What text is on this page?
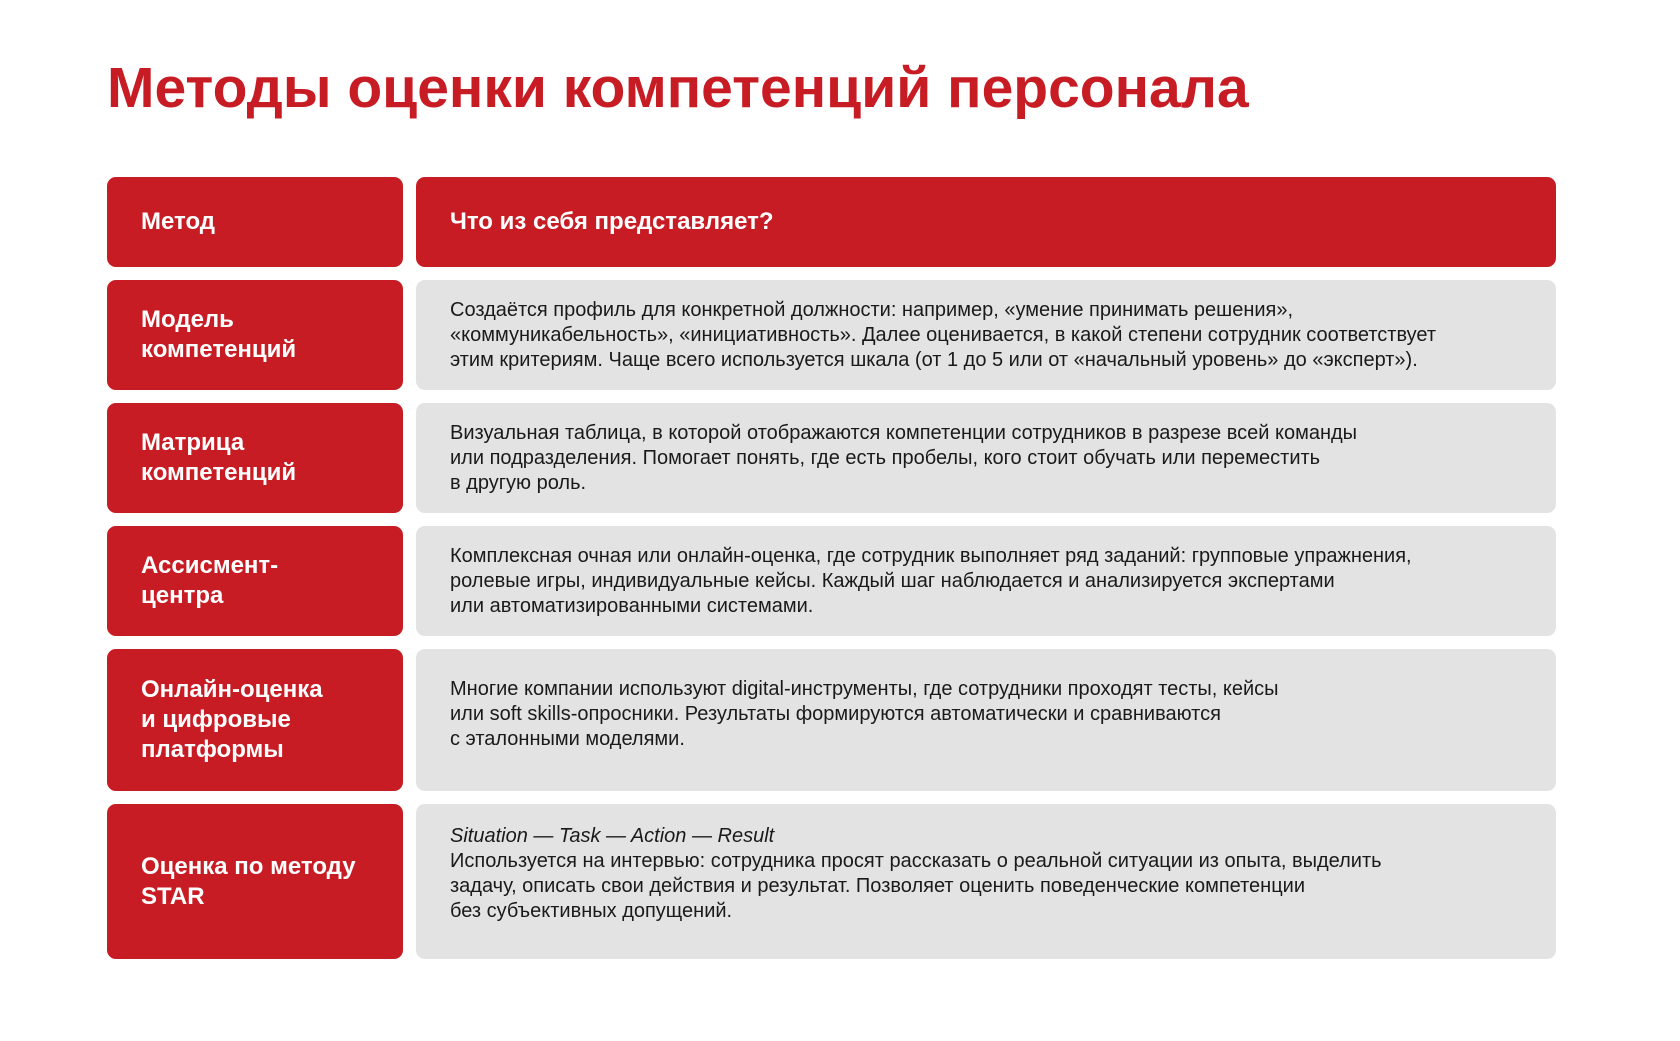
Методы оценки компетенций персонала
Метод	Что из себя представляет?
Модель
компетенций
Создаётся профиль для конкретной должности: например, «умение принимать решения»,
«коммуникабельность», «инициативность». Далее оценивается, в какой степени сотрудник соответствует
этим критериям. Чаще всего используется шкала (от 1 до 5 или от «начальный уровень» до «эксперт»).
Матрица
компетенций
Визуальная таблица, в которой отображаются компетенции сотрудников в разрезе всей команды
или подразделения. Помогает понять, где есть пробелы, кого стоит обучать или переместить
в другую роль.
Ассисмент-
центра
Комплексная очная или онлайн-оценка, где сотрудник выполняет ряд заданий: групповые упражнения,
ролевые игры, индивидуальные кейсы. Каждый шаг наблюдается и анализируется экспертами
или автоматизированными системами.
Онлайн-оценка
и цифровые
платформы
Многие компании используют digital-инструменты, где сотрудники проходят тесты, кейсы
или soft skills-опросники. Результаты формируются автоматически и сравниваются
с эталонными моделями.
Оценка по методу
STAR
Situation — Task — Action — Result
Используется на интервью: сотрудника просят рассказать о реальной ситуации из опыта, выделить
задачу, описать свои действия и результат. Позволяет оценить поведенческие компетенции
без субъективных допущений.
